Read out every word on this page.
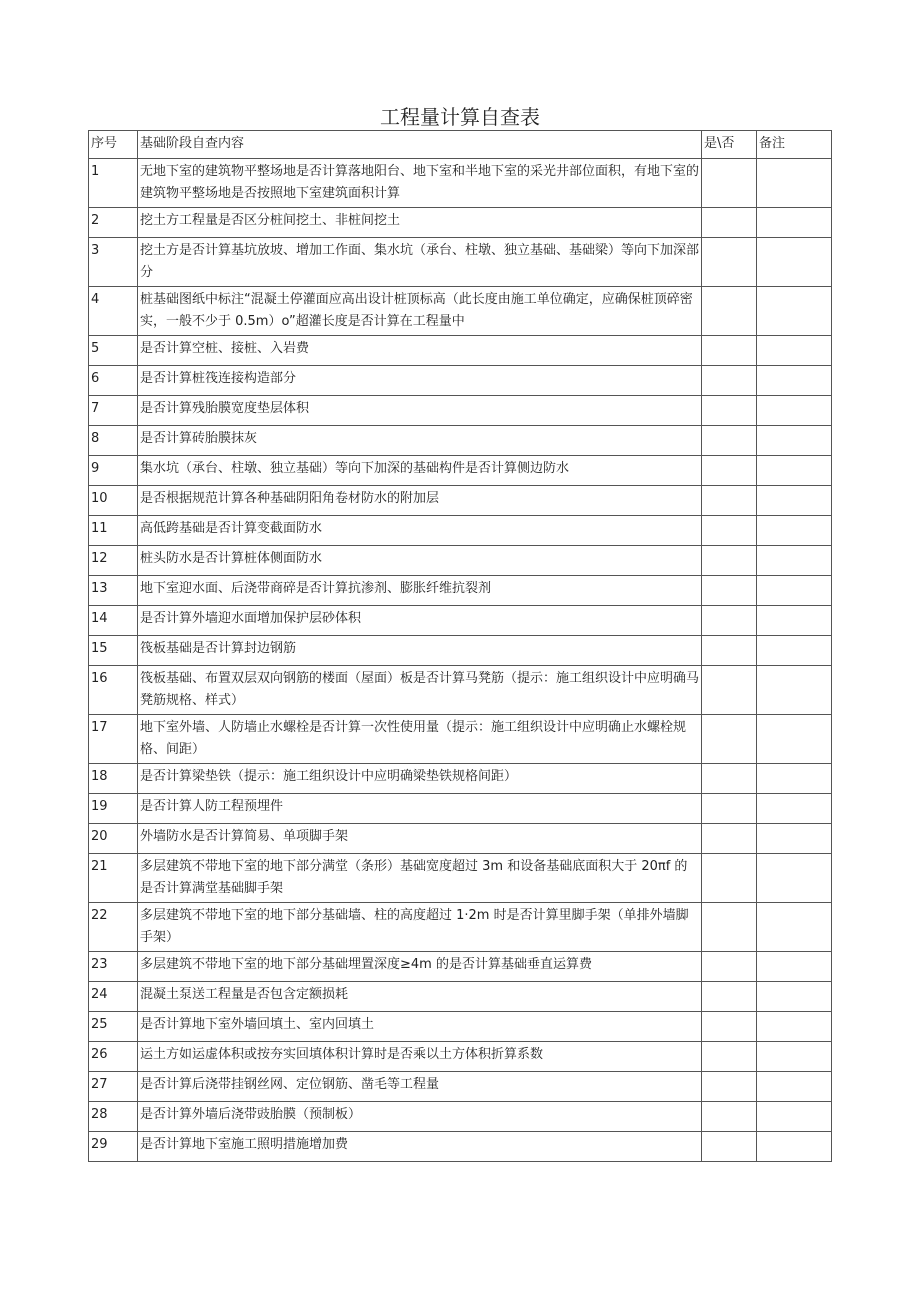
工程量计算自查表
序号	基础阶段自查内容	是\否	备注
1	无地下室的建筑物平整场地是否计算落地阳台、地下室和半地下室的采光井部位面积，有地下室的建筑物平整场地是否按照地下室建筑面积计算		
2	挖土方工程量是否区分桩间挖土、非桩间挖土		
3	挖土方是否计算基坑放坡、增加工作面、集水坑（承台、柱墩、独立基础、基础梁）等向下加深部分		
4	桩基础图纸中标注“混凝土停灌面应高出设计桩顶标高（此长度由施工单位确定，应确保桩顶碎密实，一般不少于 0.5m）o”超灌长度是否计算在工程量中		
5	是否计算空桩、接桩、入岩费		
6	是否计算桩筏连接构造部分		
7	是否计算残胎膜宽度垫层体积		
8	是否计算砖胎膜抹灰		
9	集水坑（承台、柱墩、独立基础）等向下加深的基础构件是否计算侧边防水		
10	是否根据规范计算各种基础阴阳角卷材防水的附加层		
11	高低跨基础是否计算变截面防水		
12	桩头防水是否计算桩体侧面防水		
13	地下室迎水面、后浇带商碎是否计算抗渗剂、膨胀纤维抗裂剂		
14	是否计算外墙迎水面增加保护层砂体积		
15	筏板基础是否计算封边钢筋		
16	筏板基础、布置双层双向钢筋的楼面（屋面）板是否计算马凳筋（提示：施工组织设计中应明确马凳筋规格、样式）		
17	地下室外墙、人防墙止水螺栓是否计算一次性使用量（提示：施工组织设计中应明确止水螺栓规格、间距）		
18	是否计算梁垫铁（提示：施工组织设计中应明确梁垫铁规格间距）		
19	是否计算人防工程预埋件		
20	外墙防水是否计算简易、单项脚手架		
21	多层建筑不带地下室的地下部分满堂（条形）基础宽度超过 3m 和设备基础底面积大于 20πf 的是否计算满堂基础脚手架		
22	多层建筑不带地下室的地下部分基础墙、柱的高度超过 1·2m 时是否计算里脚手架（单排外墙脚手架）		
23	多层建筑不带地下室的地下部分基础埋置深度≥4m 的是否计算基础垂直运算费		
24	混凝土泵送工程量是否包含定额损耗		
25	是否计算地下室外墙回填土、室内回填土		
26	运土方如运虚体积或按夯实回填体积计算时是否乘以土方体积折算系数		
27	是否计算后浇带挂钢丝网、定位钢筋、凿毛等工程量		
28	是否计算外墙后浇带豉胎膜（预制板）		
29	是否计算地下室施工照明措施增加费		
